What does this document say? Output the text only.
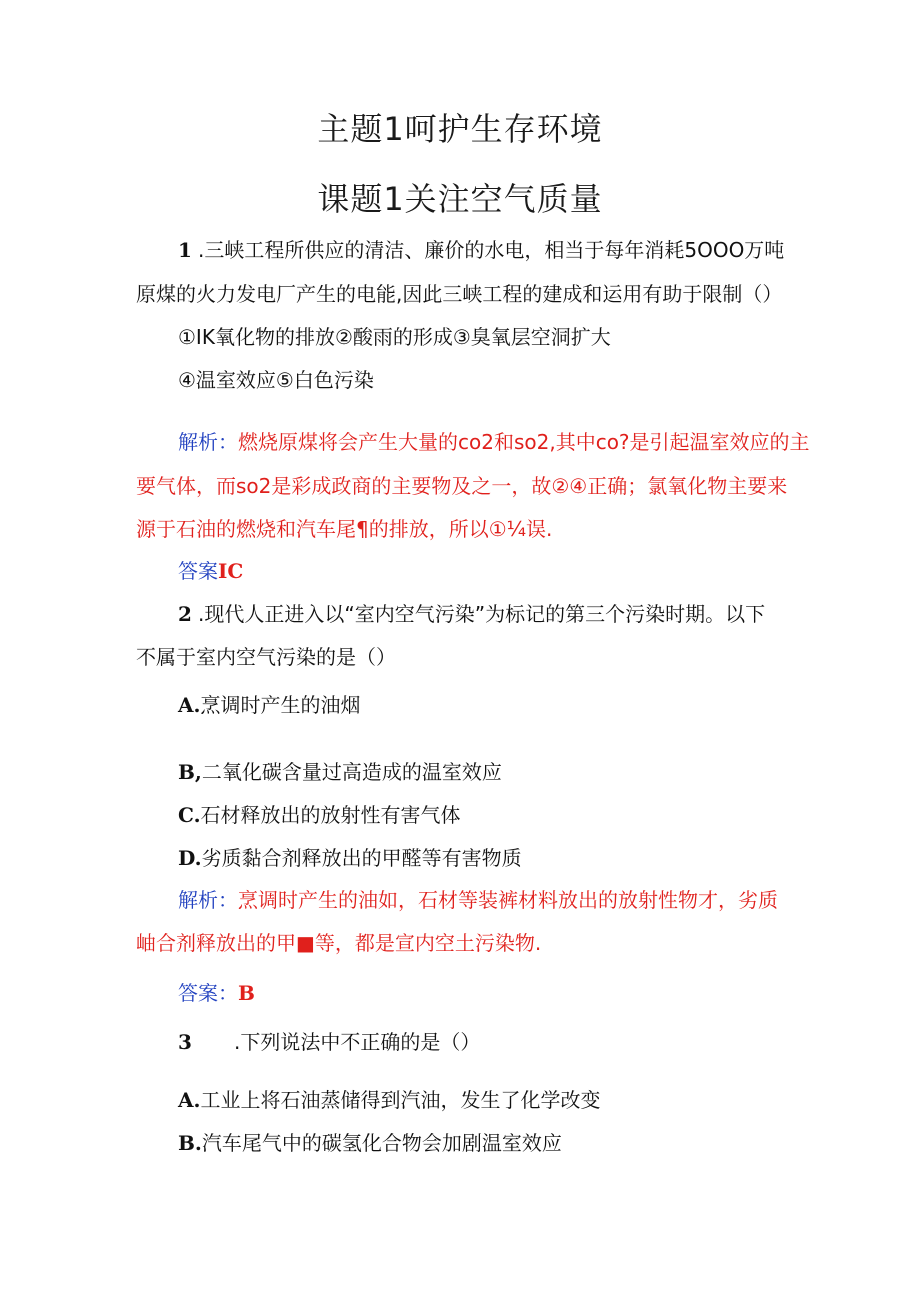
主题1呵护生存环境
课题1关注空气质量
1 .三峡工程所供应的清洁、廉价的水电，相当于每年消耗5OOO万吨
原煤的火力发电厂产生的电能,因此三峡工程的建成和运用有助于限制（）
①IK氧化物的排放②酸雨的形成③臭氧层空洞扩大
④温室效应⑤白色污染
解析：燃烧原煤将会产生大量的co2和so2,其中co?是引起温室效应的主
要气体，而so2是彩成政商的主要物及之一，故②④正确；氯氧化物主要来
源于石油的燃烧和汽车尾¶的排放，所以①¼误.
答案IC
2 .现代人正进入以“室内空气污染”为标记的第三个污染时期。以下
不属于室内空气污染的是（）
A.烹调时产生的油烟
B,二氧化碳含量过高造成的温室效应
C.石材释放出的放射性有害气体
D.劣质黏合剂释放出的甲醛等有害物质
解析：烹调时产生的油如，石材等装裤材料放出的放射性物才，劣质
岫合剂释放出的甲■等，都是宣内空土污染物.
答案：B
3 .下列说法中不正确的是（）
A.工业上将石油蒸储得到汽油，发生了化学改变
B.汽车尾气中的碳氢化合物会加剧温室效应
